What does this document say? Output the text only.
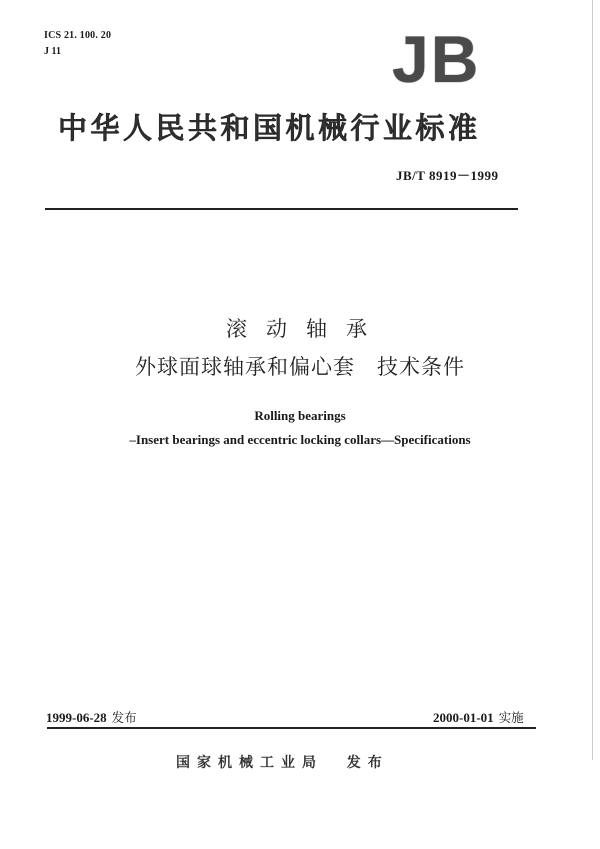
ICS 21. 100. 20
J 11	JB
中华人民共和国机械行业标准
JB/T 8919－1999
滚动轴承
外球面球轴承和偏心套　技术条件
Rolling bearings
–Insert bearings and eccentric locking collars—Specifications
1999-06-28 发布	2000-01-01 实施
国家机械工业局  发布
